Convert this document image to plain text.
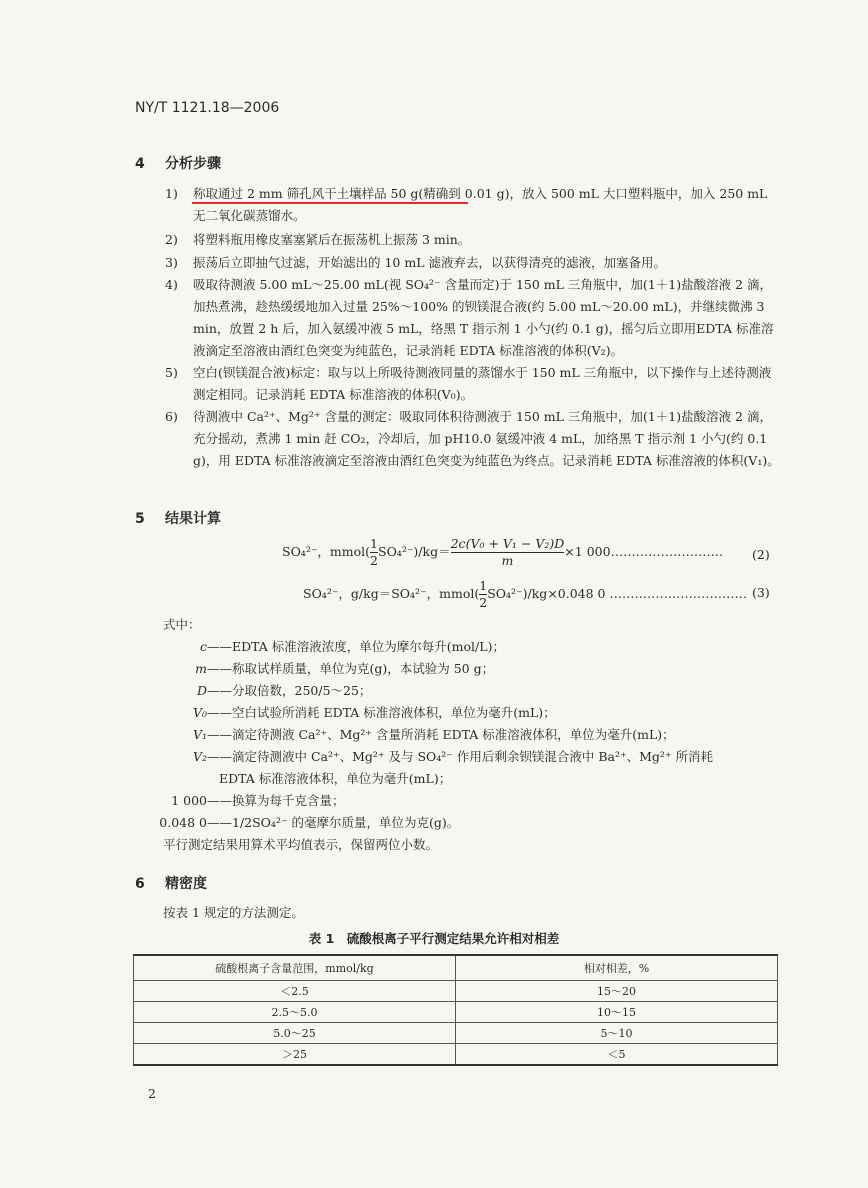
NY/T 1121.18—2006
4 分析步骤
1)	称取通过 2 mm 筛孔风干土壤样品 50 g(精确到 0.01 g)，放入 500 mL 大口塑料瓶中，加入 250 mL 无二氧化碳蒸馏水。
2)	将塑料瓶用橡皮塞塞紧后在振荡机上振荡 3 min。
3)	振荡后立即抽气过滤，开始滤出的 10 mL 滤液弃去，以获得清亮的滤液，加塞备用。
4)	吸取待测液 5.00 mL～25.00 mL(视 SO₄²⁻ 含量而定)于 150 mL 三角瓶中，加(1＋1)盐酸溶液 2 滴，加热煮沸，趁热缓缓地加入过量 25%～100% 的钡镁混合液(约 5.00 mL～20.00 mL)，并继续微沸 3 min，放置 2 h 后，加入氨缓冲液 5 mL，络黑 T 指示剂 1 小勺(约 0.1 g)，摇匀后立即用EDTA 标准溶液滴定至溶液由酒红色突变为纯蓝色，记录消耗 EDTA 标准溶液的体积(V₂)。
5)	空白(钡镁混合液)标定：取与以上所吸待测液同量的蒸馏水于 150 mL 三角瓶中，以下操作与上述待测液测定相同。记录消耗 EDTA 标准溶液的体积(V₀)。
6)	待测液中 Ca²⁺、Mg²⁺ 含量的测定：吸取同体积待测液于 150 mL 三角瓶中，加(1＋1)盐酸溶液 2 滴，充分摇动，煮沸 1 min 赶 CO₂，冷却后，加 pH10.0 氨缓冲液 4 mL，加络黑 T 指示剂 1 小勺(约 0.1 g)，用 EDTA 标准溶液滴定至溶液由酒红色突变为纯蓝色为终点。记录消耗 EDTA 标准溶液的体积(V₁)。
5 结果计算
SO₄²⁻，mmol( $\frac{1}{2} SO_4^{2-})/kg= \frac{\text{2c(V₀ + V₁ − V₂)D}}{m} \times 1$ 000……………………… (2)
SO₄²⁻，g/kg＝SO₄²⁻，mmol( $\frac{1}{2} SO_4^{2-})/kg\times 0.048$ 0 …………………………… (3)
式中：
c——EDTA 标准溶液浓度，单位为摩尔每升(mol/L)；
m——称取试样质量，单位为克(g)，本试验为 50 g；
D——分取倍数，250/5～25；
V₀——空白试验所消耗 EDTA 标准溶液体积，单位为毫升(mL)；
V₁——滴定待测液 Ca²⁺、Mg²⁺ 含量所消耗 EDTA 标准溶液体积，单位为毫升(mL)；
V₂——滴定待测液中 Ca²⁺、Mg²⁺ 及与 SO₄²⁻ 作用后剩余钡镁混合液中 Ba²⁺、Mg²⁺ 所消耗
EDTA 标准溶液体积，单位为毫升(mL)；
1 000——换算为每千克含量；
0.048 0——1/2SO₄²⁻ 的毫摩尔质量，单位为克(g)。
平行测定结果用算术平均值表示，保留两位小数。
6 精密度
按表 1 规定的方法测定。
表 1　硫酸根离子平行测定结果允许相对相差
硫酸根离子含量范围，mmol/kg	相对相差，%
＜2.5	15～20
2.5～5.0	10～15
5.0～25	5～10
＞25	＜5
2
